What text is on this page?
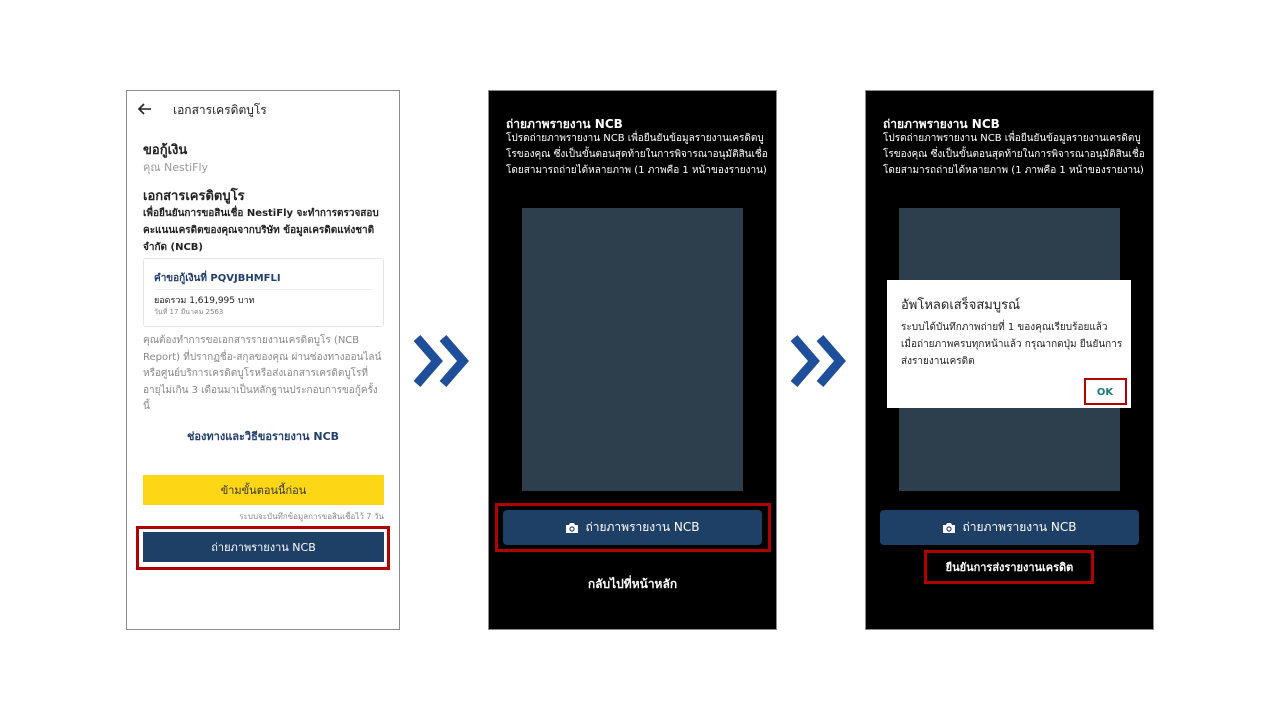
เอกสารเครดิตบูโร
ขอกู้เงิน
คุณ NestiFly
เอกสารเครดิตบูโร
เพื่อยืนยันการขอสินเชื่อ NestiFly จะทำการตรวจสอบคะแนนเครดิตของคุณจากบริษัท ข้อมูลเครดิตแห่งชาติ จำกัด (NCB)
คำขอกู้เงินที่ PQVJBHMFLI
ยอดรวม 1,619,995 บาท
วันที่ 17 มีนาคม 2563
คุณต้องทำการขอเอกสารรายงานเครดิตบูโร (NCB Report) ที่ปรากฏชื่อ-สกุลของคุณ ผ่านช่องทางออนไลน์หรือศูนย์บริการเครดิตบูโรหรือส่งเอกสารเครดิตบูโรที่อายุไม่เกิน 3 เดือนมาเป็นหลักฐานประกอบการขอกู้ครั้งนี้
ช่องทางและวิธีขอรายงาน NCB
ข้ามขั้นตอนนี้ก่อน
ระบบจะบันทึกข้อมูลการขอสินเชื่อไว้ 7 วัน
ถ่ายภาพรายงาน NCB
ถ่ายภาพรายงาน NCB
โปรดถ่ายภาพรายงาน NCB เพื่อยืนยันข้อมูลรายงานเครดิตบูโรของคุณ ซึ่งเป็นขั้นตอนสุดท้ายในการพิจารณาอนุมัติสินเชื่อ โดยสามารถถ่ายได้หลายภาพ (1 ภาพคือ 1 หน้าของรายงาน)
ถ่ายภาพรายงาน NCB
กลับไปที่หน้าหลัก
ถ่ายภาพรายงาน NCB
โปรดถ่ายภาพรายงาน NCB เพื่อยืนยันข้อมูลรายงานเครดิตบูโรของคุณ ซึ่งเป็นขั้นตอนสุดท้ายในการพิจารณาอนุมัติสินเชื่อ โดยสามารถถ่ายได้หลายภาพ (1 ภาพคือ 1 หน้าของรายงาน)
ถ่ายภาพรายงาน NCB
ยืนยันการส่งรายงานเครดิต
อัพโหลดเสร็จสมบูรณ์
ระบบได้บันทึกภาพถ่ายที่ 1 ของคุณเรียบร้อยแล้ว เมื่อถ่ายภาพครบทุกหน้าแล้ว กรุณากดปุ่ม ยืนยันการส่งรายงานเครดิต
OK
